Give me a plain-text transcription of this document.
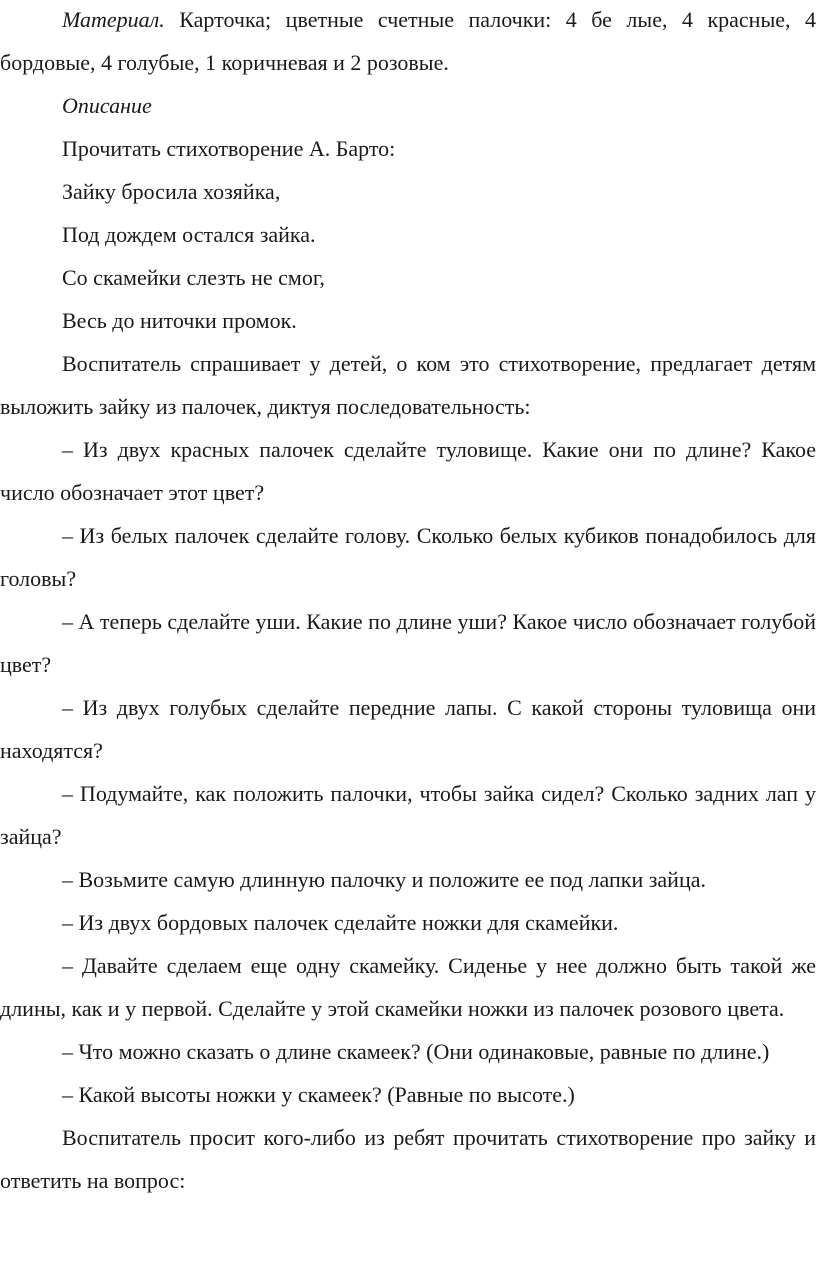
Материал. Карточка; цветные счетные палочки: 4 бе лые, 4 красные, 4 бордовые, 4 голубые, 1 коричневая и 2 розовые.

Описание

Прочитать стихотворение А. Барто:

Зайку бросила хозяйка,

Под дождем остался зайка.

Со скамейки слезть не смог,

Весь до ниточки промок.

Воспитатель спрашивает у детей, о ком это стихотворение, предлагает детям выложить зайку из палочек, диктуя последовательность:

– Из двух красных палочек сделайте туловище. Какие они по длине? Какое число обозначает этот цвет?

– Из белых палочек сделайте голову. Сколько белых кубиков понадобилось для головы?

– А теперь сделайте уши. Какие по длине уши? Какое число обозначает голубой цвет?

– Из двух голубых сделайте передние лапы. С какой стороны туловища они находятся?

– Подумайте, как положить палочки, чтобы зайка сидел? Сколько задних лап у зайца?

– Возьмите самую длинную палочку и положите ее под лапки зайца.

– Из двух бордовых палочек сделайте ножки для скамейки.

– Давайте сделаем еще одну скамейку. Сиденье у нее должно быть такой же длины, как и у первой. Сделайте у этой скамейки ножки из палочек розового цвета.

– Что можно сказать о длине скамеек? (Они одинаковые, равные по длине.)

– Какой высоты ножки у скамеек? (Равные по высоте.)

Воспитатель просит кого-либо из ребят прочитать стихотворение про зайку и ответить на вопрос:
